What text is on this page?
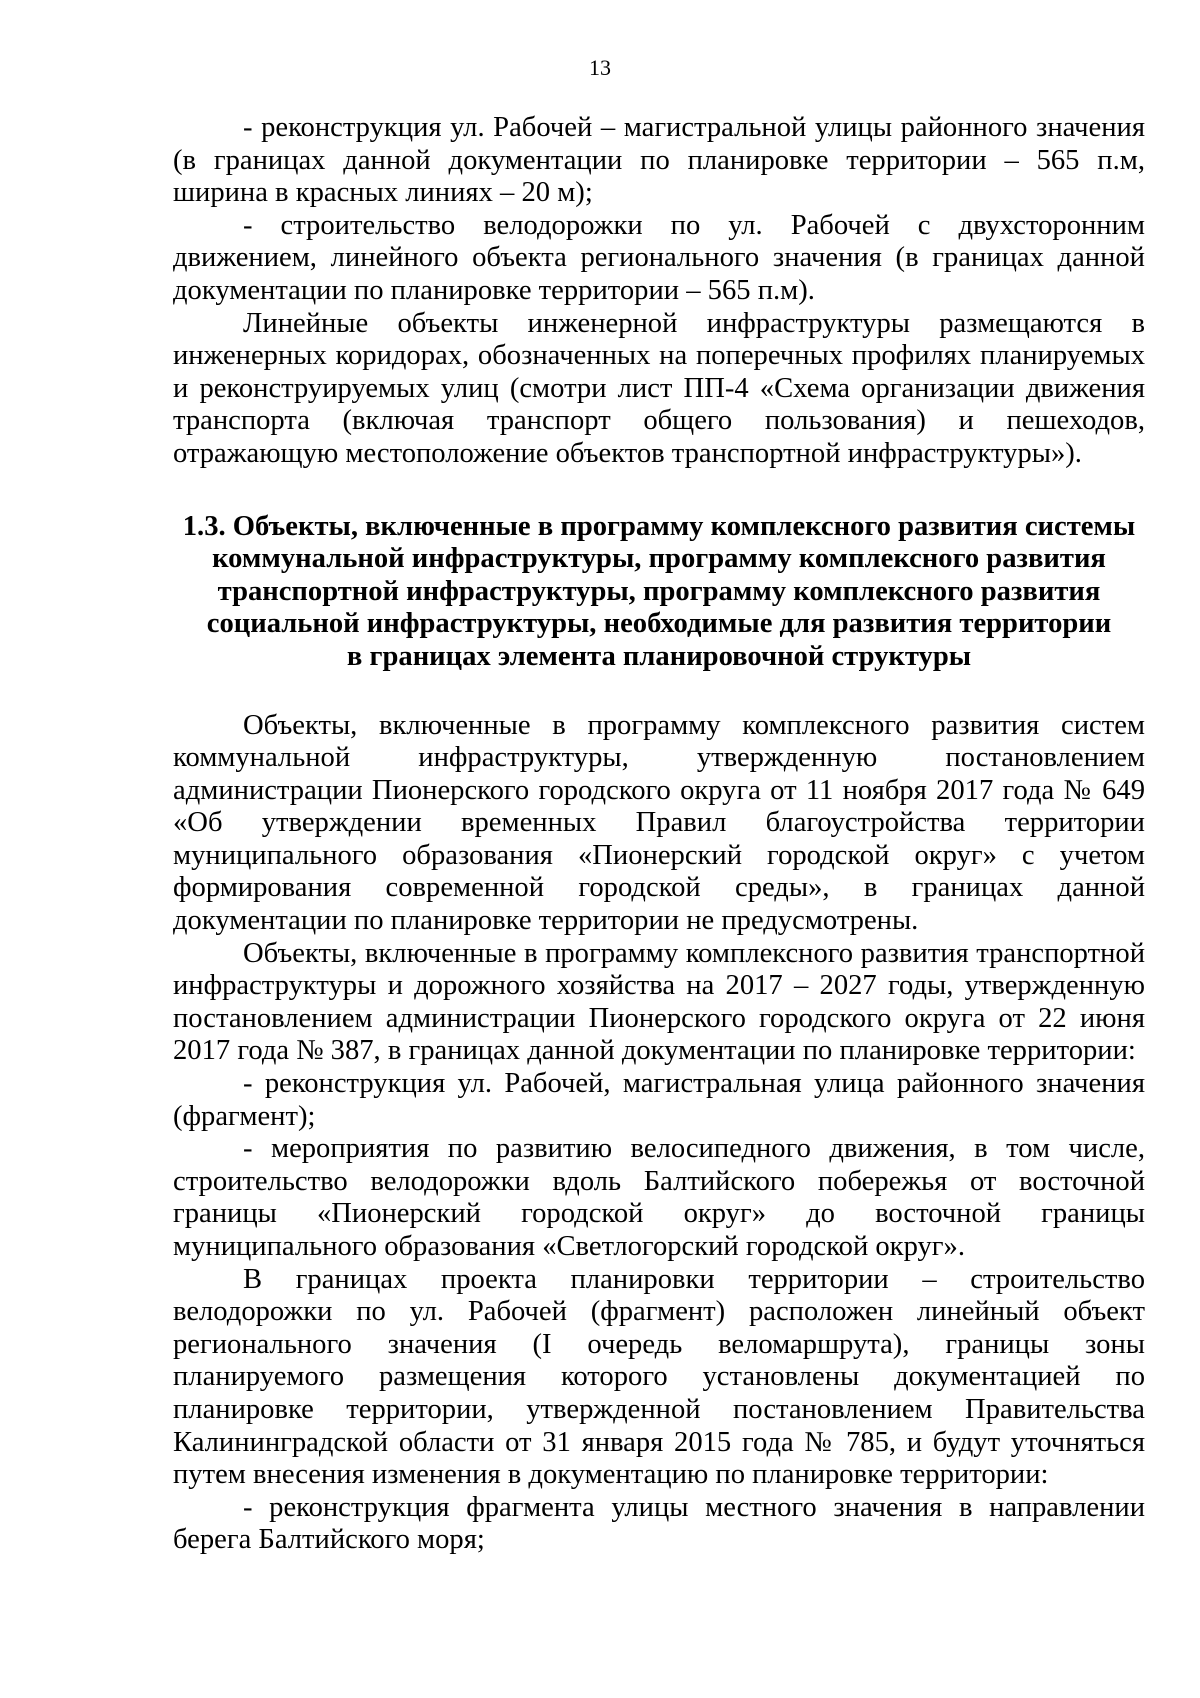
13

- реконструкция ул. Рабочей – магистральной улицы районного значения (в границах данной документации по планировке территории – 565 п.м, ширина в красных линиях – 20 м);

- строительство велодорожки по ул. Рабочей с двухсторонним движением, линейного объекта регионального значения (в границах данной документации по планировке территории – 565 п.м).

Линейные объекты инженерной инфраструктуры размещаются в инженерных коридорах, обозначенных на поперечных профилях планируемых и реконструируемых улиц (смотри лист ПП-4 «Схема организации движения транспорта (включая транспорт общего пользования) и пешеходов, отражающую местоположение объектов транспортной инфраструктуры»).

1.3. Объекты, включенные в программу комплексного развития системы
коммунальной инфраструктуры, программу комплексного развития
транспортной инфраструктуры, программу комплексного развития
социальной инфраструктуры, необходимые для развития территории
в границах элемента планировочной структуры

Объекты, включенные в программу комплексного развития систем коммунальной инфраструктуры, утвержденную постановлением администрации Пионерского городского округа от 11 ноября 2017 года № 649 «Об утверждении временных Правил благоустройства территории муниципального образования «Пионерский городской округ» с учетом формирования современной городской среды», в границах данной документации по планировке территории не предусмотрены.

Объекты, включенные в программу комплексного развития транспортной инфраструктуры и дорожного хозяйства на 2017 – 2027 годы, утвержденную постановлением администрации Пионерского городского округа от 22 июня 2017 года № 387, в границах данной документации по планировке территории:

- реконструкция ул. Рабочей, магистральная улица районного значения (фрагмент);

- мероприятия по развитию велосипедного движения, в том числе, строительство велодорожки вдоль Балтийского побережья от восточной границы «Пионерский городской округ» до восточной границы муниципального образования «Светлогорский городской округ».

В границах проекта планировки территории – строительство велодорожки по ул. Рабочей (фрагмент) расположен линейный объект регионального значения (I очередь веломаршрута), границы зоны планируемого размещения которого установлены документацией по планировке территории, утвержденной постановлением Правительства Калининградской области от 31 января 2015 года № 785, и будут уточняться путем внесения изменения в документацию по планировке территории:

- реконструкция фрагмента улицы местного значения в направлении берега Балтийского моря;
